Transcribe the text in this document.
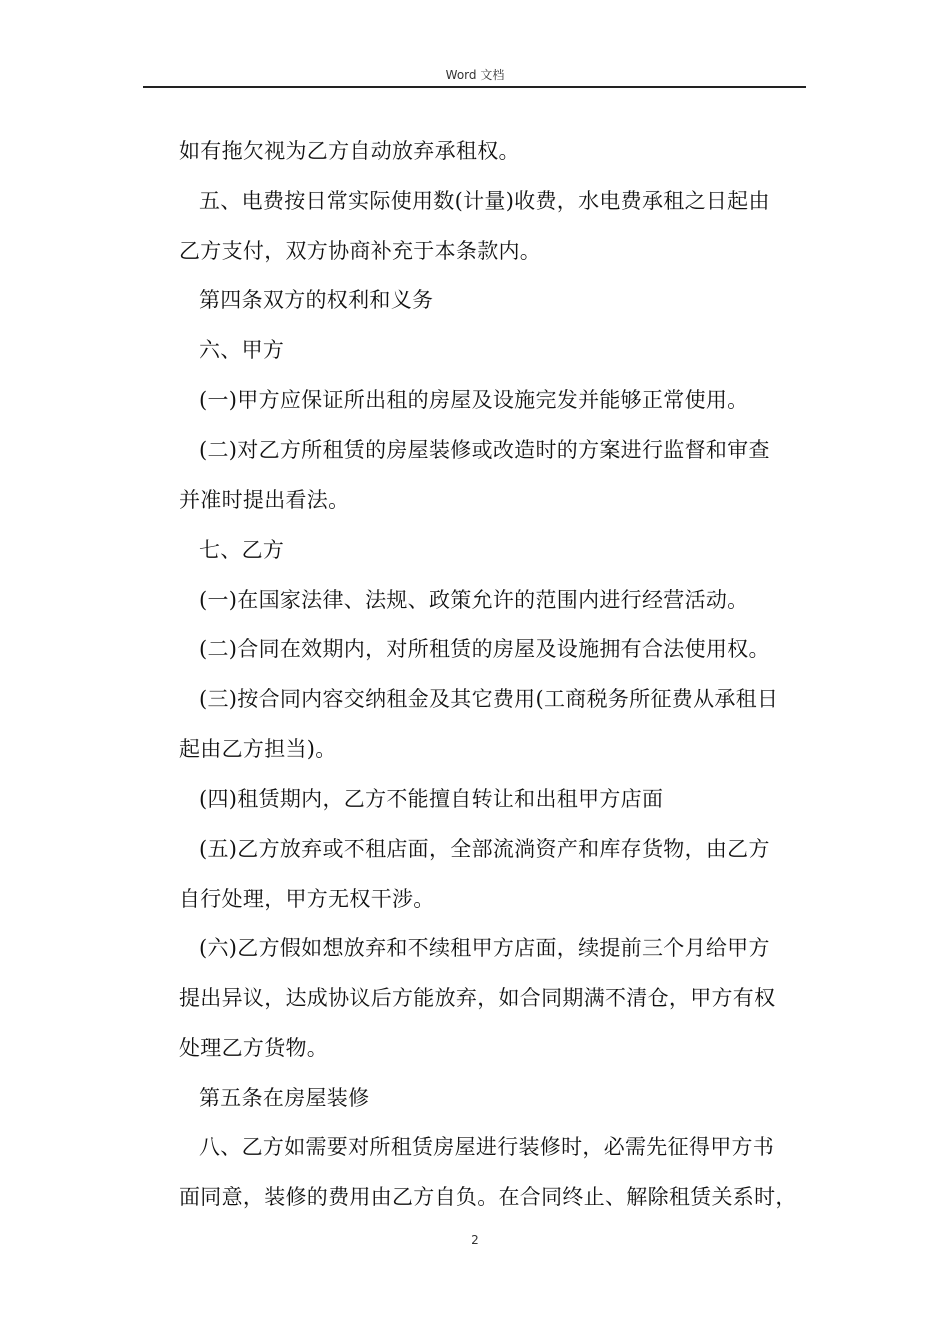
Word 文档
如有拖欠视为乙方自动放弃承租权。
五、电费按日常实际使用数(计量)收费，水电费承租之日起由
乙方支付，双方协商补充于本条款内。
第四条双方的权利和义务
六、甲方
(一)甲方应保证所出租的房屋及设施完发并能够正常使用。
(二)对乙方所租赁的房屋装修或改造时的方案进行监督和审查
并准时提出看法。
七、乙方
(一)在国家法律、法规、政策允许的范围内进行经营活动。
(二)合同在效期内，对所租赁的房屋及设施拥有合法使用权。
(三)按合同内容交纳租金及其它费用(工商税务所征费从承租日
起由乙方担当)。
(四)租赁期内，乙方不能擅自转让和出租甲方店面
(五)乙方放弃或不租店面，全部流淌资产和库存货物，由乙方
自行处理，甲方无权干涉。
(六)乙方假如想放弃和不续租甲方店面，续提前三个月给甲方
提出异议，达成协议后方能放弃，如合同期满不清仓，甲方有权
处理乙方货物。
第五条在房屋装修
八、乙方如需要对所租赁房屋进行装修时，必需先征得甲方书
面同意，装修的费用由乙方自负。在合同终止、解除租赁关系时，
2
